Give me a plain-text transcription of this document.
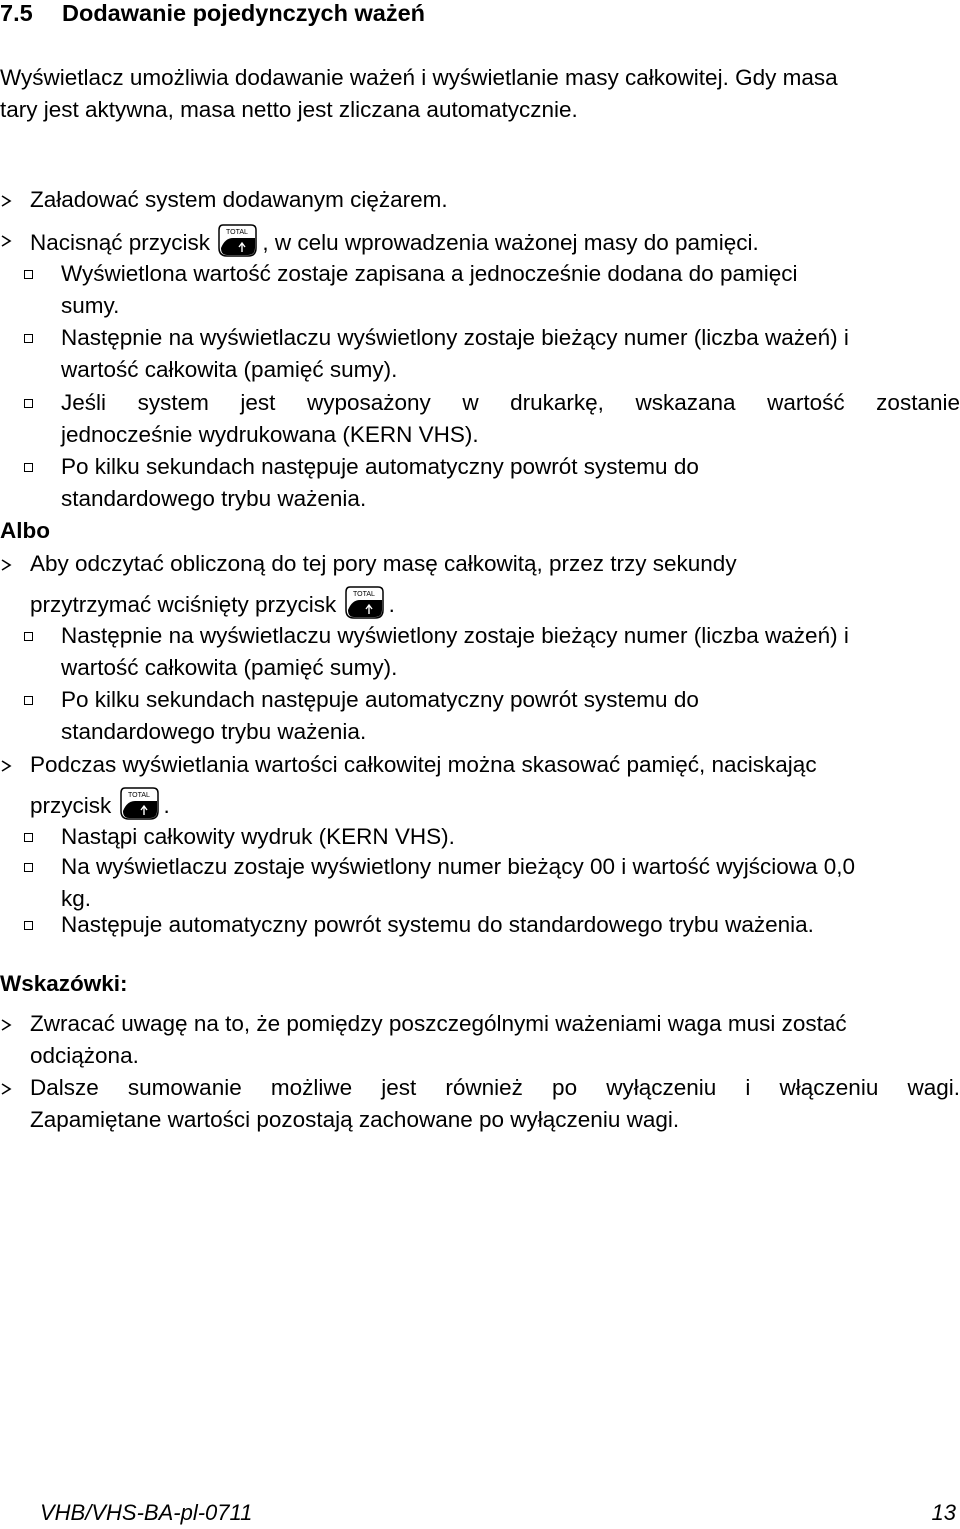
7.5 Dodawanie pojedynczych ważeń
Wyświetlacz umożliwia dodawanie ważeń i wyświetlanie masy całkowitej. Gdy masa
tary jest aktywna, masa netto jest zliczana automatycznie.
Załadować system dodawanym ciężarem.
Nacisnąć przycisk TOTAL , w celu wprowadzenia ważonej masy do pamięci.
Wyświetlona wartość zostaje zapisana a jednocześnie dodana do pamięci
sumy.
Następnie na wyświetlaczu wyświetlony zostaje bieżący numer (liczba ważeń) i
wartość całkowita (pamięć sumy).
Jeśli system jest wyposażony w drukarkę, wskazana wartość zostanie
jednocześnie wydrukowana (KERN VHS).
Po kilku sekundach następuje automatyczny powrót systemu do
standardowego trybu ważenia.
Albo
Aby odczytać obliczoną do tej pory masę całkowitą, przez trzy sekundy
przytrzymać wciśnięty przycisk TOTAL .
Następnie na wyświetlaczu wyświetlony zostaje bieżący numer (liczba ważeń) i
wartość całkowita (pamięć sumy).
Po kilku sekundach następuje automatyczny powrót systemu do
standardowego trybu ważenia.
Podczas wyświetlania wartości całkowitej można skasować pamięć, naciskając
przycisk TOTAL .
Nastąpi całkowity wydruk (KERN VHS).
Na wyświetlaczu zostaje wyświetlony numer bieżący 00 i wartość wyjściowa 0,0
kg.
Następuje automatyczny powrót systemu do standardowego trybu ważenia.
Wskazówki:
Zwracać uwagę na to, że pomiędzy poszczególnymi ważeniami waga musi zostać
odciążona.
Dalsze sumowanie możliwe jest również po wyłączeniu i włączeniu wagi.
Zapamiętane wartości pozostają zachowane po wyłączeniu wagi.
VHB/VHS-BA-pl-0711	13
